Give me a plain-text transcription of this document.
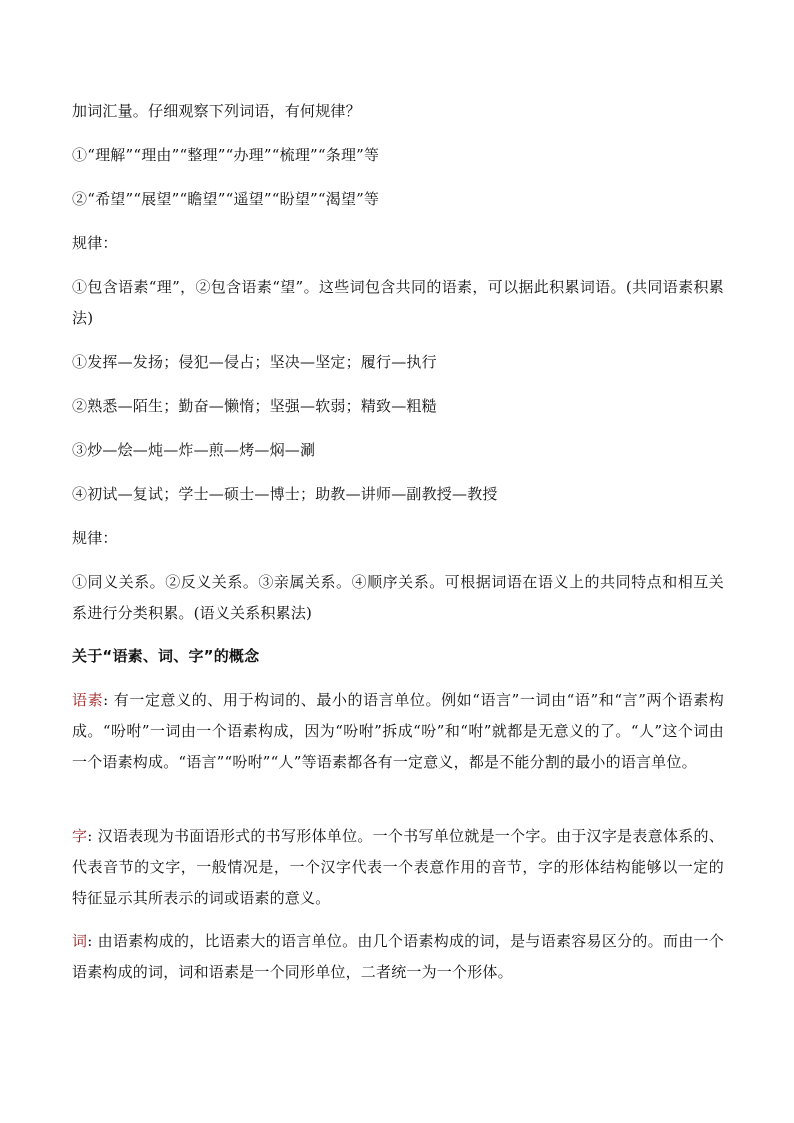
加词汇量。仔细观察下列词语，有何规律？

①“理解”“理由”“整理”“办理”“梳理”“条理”等

②“希望”“展望”“瞻望”“遥望”“盼望”“渴望”等

规律：

①包含语素“理”，②包含语素“望”。这些词包含共同的语素，可以据此积累词语。(共同语素积累法)

①发挥—发扬；侵犯—侵占；坚决—坚定；履行—执行

②熟悉—陌生；勤奋—懒惰；坚强—软弱；精致—粗糙

③炒—烩—炖—炸—煎—烤—焖—涮

④初试—复试；学士—硕士—博士；助教—讲师—副教授—教授

规律：

①同义关系。②反义关系。③亲属关系。④顺序关系。可根据词语在语义上的共同特点和相互关系进行分类积累。(语义关系积累法)

关于“语素、词、字”的概念

语素: 有一定意义的、用于构词的、最小的语言单位。例如“语言”一词由“语”和“言”两个语素构成。“吩咐”一词由一个语素构成，因为“吩咐”拆成“吩”和“咐”就都是无意义的了。“人”这个词由一个语素构成。“语言”“吩咐”“人”等语素都各有一定意义，都是不能分割的最小的语言单位。

字: 汉语表现为书面语形式的书写形体单位。一个书写单位就是一个字。由于汉字是表意体系的、代表音节的文字，一般情况是，一个汉字代表一个表意作用的音节，字的形体结构能够以一定的特征显示其所表示的词或语素的意义。

词: 由语素构成的，比语素大的语言单位。由几个语素构成的词，是与语素容易区分的。而由一个语素构成的词，词和语素是一个同形单位，二者统一为一个形体。
